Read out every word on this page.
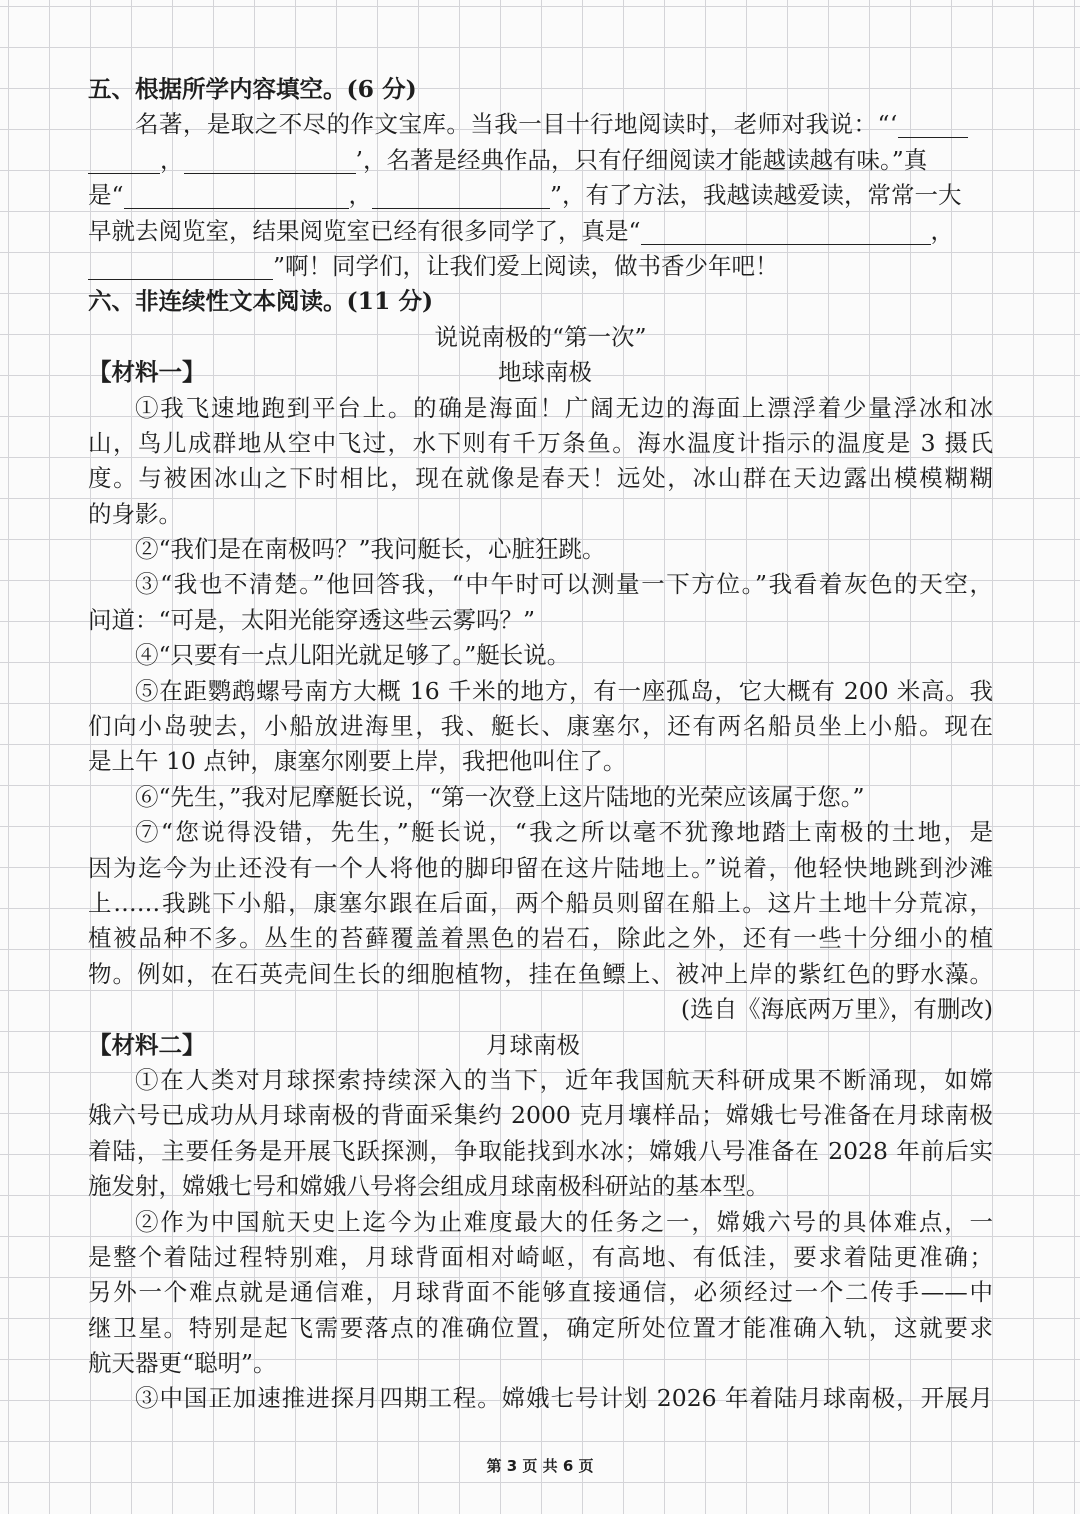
五、根据所学内容填空。(6 分)
名著，是取之不尽的作文宝库。当我一目十行地阅读时，老师对我说：“‘
，	’，名著是经典作品，只有仔细阅读才能越读越有味。”真
是“	，	”，有了方法，我越读越爱读，常常一大
早就去阅览室，结果阅览室已经有很多同学了，真是“	，
”啊！同学们，让我们爱上阅读，做书香少年吧！
六、非连续性文本阅读。(11 分)
说说南极的“第一次”
【材料一】	地球南极
①我飞速地跑到平台上。的确是海面！广阔无边的海面上漂浮着少量浮冰和冰
山，鸟儿成群地从空中飞过，水下则有千万条鱼。海水温度计指示的温度是 3 摄氏
度。与被困冰山之下时相比，现在就像是春天！远处，冰山群在天边露出模模糊糊
的身影。
②“我们是在南极吗？”我问艇长，心脏狂跳。
③“我也不清楚。”他回答我，“中午时可以测量一下方位。”我看着灰色的天空，
问道：“可是，太阳光能穿透这些云雾吗？”
④“只要有一点儿阳光就足够了。”艇长说。
⑤在距鹦鹉螺号南方大概 16 千米的地方，有一座孤岛，它大概有 200 米高。我
们向小岛驶去，小船放进海里，我、艇长、康塞尔，还有两名船员坐上小船。现在
是上午 10 点钟，康塞尔刚要上岸，我把他叫住了。
⑥“先生，”我对尼摩艇长说，“第一次登上这片陆地的光荣应该属于您。”
⑦“您说得没错，先生，”艇长说，“我之所以毫不犹豫地踏上南极的土地，是
因为迄今为止还没有一个人将他的脚印留在这片陆地上。”说着，他轻快地跳到沙滩
上……我跳下小船，康塞尔跟在后面，两个船员则留在船上。这片土地十分荒凉，
植被品种不多。丛生的苔藓覆盖着黑色的岩石，除此之外，还有一些十分细小的植
物。例如，在石英壳间生长的细胞植物，挂在鱼鳔上、被冲上岸的紫红色的野水藻。
(选自《海底两万里》，有删改)
【材料二】	月球南极
①在人类对月球探索持续深入的当下，近年我国航天科研成果不断涌现，如嫦
娥六号已成功从月球南极的背面采集约 2000 克月壤样品；嫦娥七号准备在月球南极
着陆，主要任务是开展飞跃探测，争取能找到水冰；嫦娥八号准备在 2028 年前后实
施发射，嫦娥七号和嫦娥八号将会组成月球南极科研站的基本型。
②作为中国航天史上迄今为止难度最大的任务之一，嫦娥六号的具体难点，一
是整个着陆过程特别难，月球背面相对崎岖，有高地、有低洼，要求着陆更准确；
另外一个难点就是通信难，月球背面不能够直接通信，必须经过一个二传手——中
继卫星。特别是起飞需要落点的准确位置，确定所处位置才能准确入轨，这就要求
航天器更“聪明”。
③中国正加速推进探月四期工程。嫦娥七号计划 2026 年着陆月球南极，开展月
第 3 页 共 6 页
